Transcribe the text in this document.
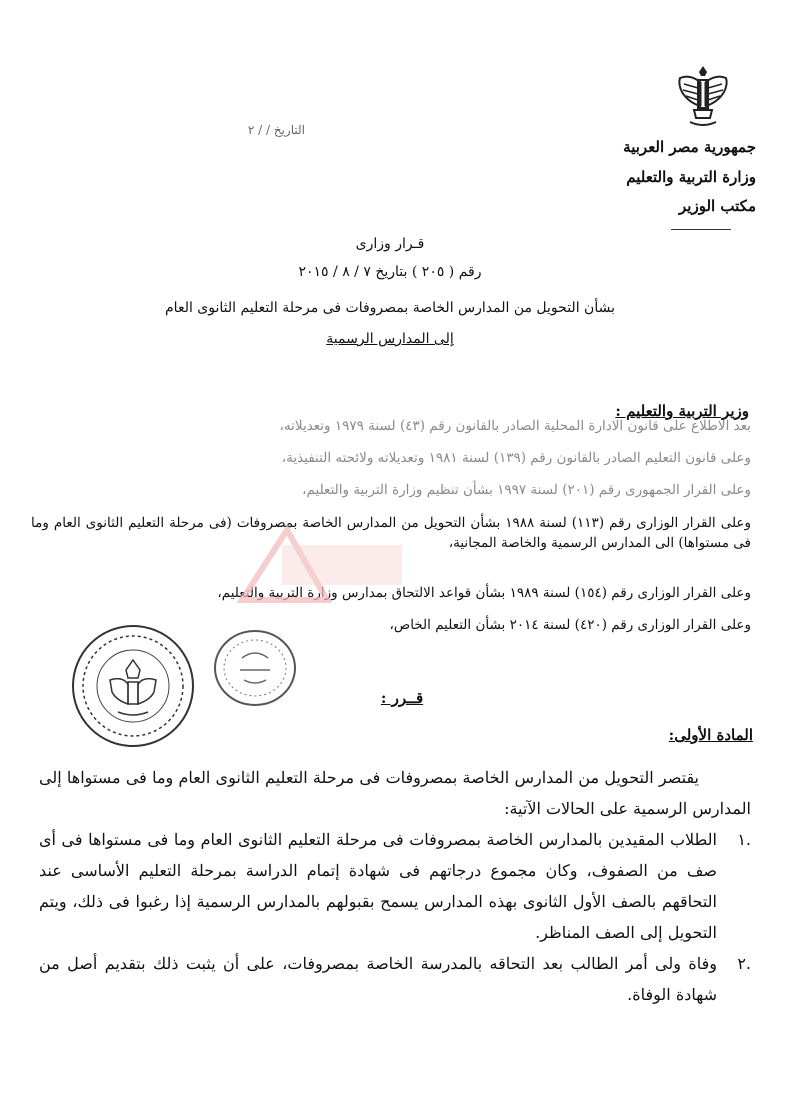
التاريخ / / ٢
جمهورية مصر العربية
وزارة التربية والتعليم
مكتب الوزير
قـرار وزارى
رقم ( ٢٠٥ ) بتاريخ ٧ / ٨ / ٢٠١٥
بشأن التحويل من المدارس الخاصة بمصروفات فى مرحلة التعليم الثانوى العام
إلى المدارس الرسمية
وزير التربية والتعليم :
بعد الاطلاع على قانون الادارة المحلية الصادر بالقانون رقم (٤٣) لسنة ١٩٧٩ وتعديلاته،
وعلى قانون التعليم الصادر بالقانون رقم (١٣٩) لسنة ١٩٨١ وتعديلاته ولائحته التنفيذية،
وعلى القرار الجمهورى رقم (٢٠١) لسنة ١٩٩٧ بشأن تنظيم وزارة التربية والتعليم،
وعلى القرار الوزارى رقم (١١٣) لسنة ١٩٨٨ بشأن التحويل من المدارس الخاصة بمصروفات (فى مرحلة التعليم الثانوى العام وما فى مستواها) الى المدارس الرسمية والخاصة المجانية،
وعلى القرار الوزارى رقم (١٥٤) لسنة ١٩٨٩ بشأن قواعد الالتحاق بمدارس وزارة التربية والتعليم،
وعلى القرار الوزارى رقم (٤٢٠) لسنة ٢٠١٤ بشأن التعليم الخاص،
قــرر :
المادة الأولى:
يقتصر التحويل من المدارس الخاصة بمصروفات فى مرحلة التعليم الثانوى العام وما فى مستواها إلى المدارس الرسمية على الحالات الآتية:
.١
الطلاب المقيدين بالمدارس الخاصة بمصروفات فى مرحلة التعليم الثانوى العام وما فى مستواها فى أى صف من الصفوف، وكان مجموع درجاتهم فى شهادة إتمام الدراسة بمرحلة التعليم الأساسى عند التحاقهم بالصف الأول الثانوى بهذه المدارس يسمح بقبولهم بالمدارس الرسمية إذا رغبوا فى ذلك، ويتم التحويل إلى الصف المناظر.
.٢
وفاة ولى أمر الطالب بعد التحاقه بالمدرسة الخاصة بمصروفات، على أن يثبت ذلك بتقديم أصل من شهادة الوفاة.
